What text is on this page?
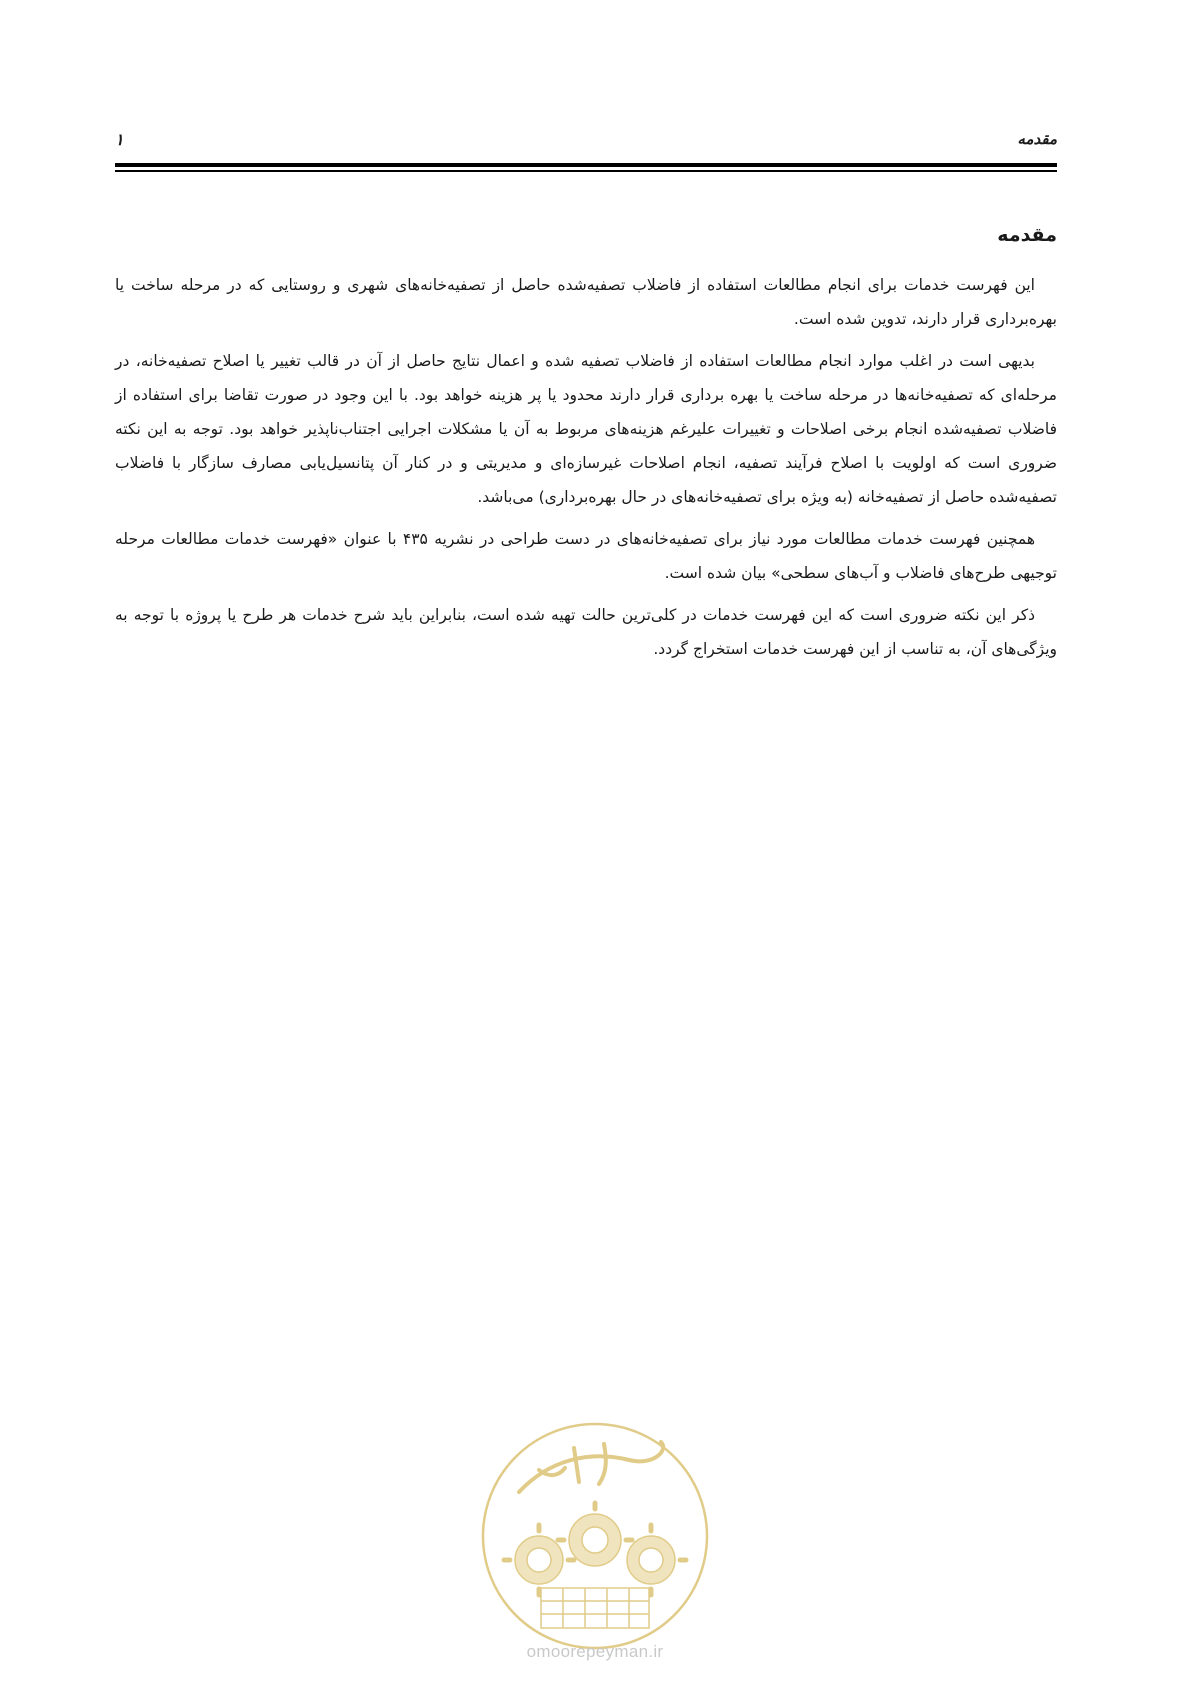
مقدمه
۱
مقدمه

این فهرست خدمات برای انجام مطالعات استفاده از فاضلاب تصفیه‌شده حاصل از تصفیه‌خانه‌های شهری و روستایی که در مرحله ساخت یا بهره‌برداری قرار دارند، تدوین شده است.

بدیهی است در اغلب موارد انجام مطالعات استفاده از فاضلاب تصفیه شده و اعمال نتایج حاصل از آن در قالب تغییر یا اصلاح تصفیه‌خانه، در مرحله‌ای که تصفیه‌خانه‌ها در مرحله ساخت یا بهره برداری قرار دارند محدود یا پر هزینه خواهد بود. با این وجود در صورت تقاضا برای استفاده از فاضلاب تصفیه‌شده انجام برخی اصلاحات و تغییرات علیرغم هزینه‌های مربوط به آن یا مشکلات اجرایی اجتناب‌ناپذیر خواهد بود. توجه به این نکته ضروری است که اولویت با اصلاح فرآیند تصفیه، انجام اصلاحات غیرسازه‌ای و مدیریتی و در کنار آن پتانسیل‌یابی مصارف سازگار با فاضلاب تصفیه‌شده حاصل از تصفیه‌خانه (به ویژه برای تصفیه‌خانه‌های در حال بهره‌برداری) می‌باشد.

همچنین فهرست خدمات مطالعات مورد نیاز برای تصفیه‌خانه‌های در دست طراحی در نشریه ۴۳۵ با عنوان «فهرست خدمات مطالعات مرحله توجیهی طرح‌های فاضلاب و آب‌های سطحی» بیان شده است.

ذکر این نکته ضروری است که این فهرست خدمات در کلی‌ترین حالت تهیه شده است، بنابراین باید شرح خدمات هر طرح یا پروژه با توجه به ویژگی‌های آن، به تناسب از این فهرست خدمات استخراج گردد.

omoorepeyman.ir
